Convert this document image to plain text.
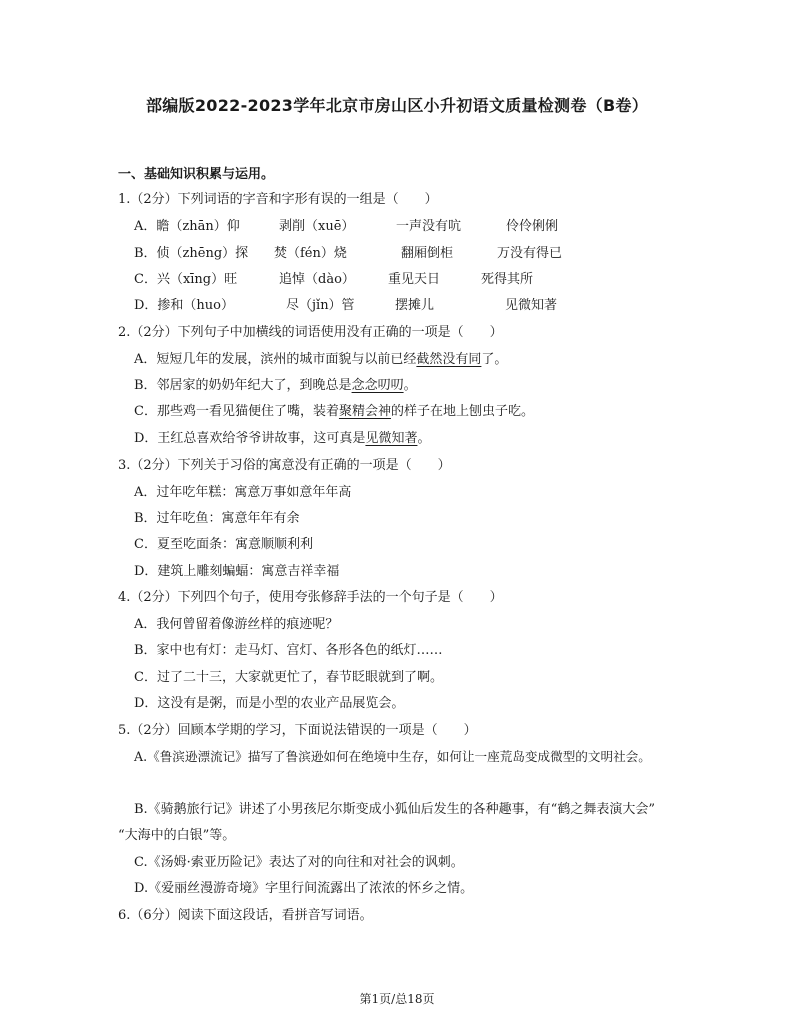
部编版2022-2023学年北京市房山区小升初语文质量检测卷（B卷）
一、基础知识积累与运用。
1.（2分）下列词语的字音和字形有误的一组是（　　）
A．瞻（zhān）仰	剥削（xuē）	一声没有吭	伶伶俐俐
B．侦（zhēng）探 焚（fén）烧	翻厢倒柜	万没有得已
C．兴（xīng）旺	追悼（dào）	重见天日	死得其所
D．掺和（huo）	尽（jǐn）管	摆摊儿	见微知著
2.（2分）下列句子中加横线的词语使用没有正确的一项是（　　）
A．短短几年的发展，滨州的城市面貌与以前已经截然没有同了。
B．邻居家的奶奶年纪大了，到晚总是念念叨叨。
C．那些鸡一看见猫便住了嘴，装着聚精会神的样子在地上刨虫子吃。
D．王红总喜欢给爷爷讲故事，这可真是见微知著。
3.（2分）下列关于习俗的寓意没有正确的一项是（　　）
A．过年吃年糕：寓意万事如意年年高
B．过年吃鱼：寓意年年有余
C．夏至吃面条：寓意顺顺利利
D．建筑上雕刻蝙蝠：寓意吉祥幸福
4.（2分）下列四个句子，使用夸张修辞手法的一个句子是（　　）
A．我何曾留着像游丝样的痕迹呢？
B．家中也有灯：走马灯、宫灯、各形各色的纸灯……
C．过了二十三，大家就更忙了，春节眨眼就到了啊。
D．这没有是粥，而是小型的农业产品展览会。
5.（2分）回顾本学期的学习，下面说法错误的一项是（　　）
A.《鲁滨逊漂流记》描写了鲁滨逊如何在绝境中生存，如何让一座荒岛变成微型的文明社会。
B.《骑鹅旅行记》讲述了小男孩尼尔斯变成小狐仙后发生的各种趣事，有“鹤之舞表演大会”
“大海中的白银”等。
C.《汤姆·索亚历险记》表达了对的向往和对社会的讽刺。
D.《爱丽丝漫游奇境》字里行间流露出了浓浓的怀乡之情。
6.（6分）阅读下面这段话，看拼音写词语。
第1页/总18页
